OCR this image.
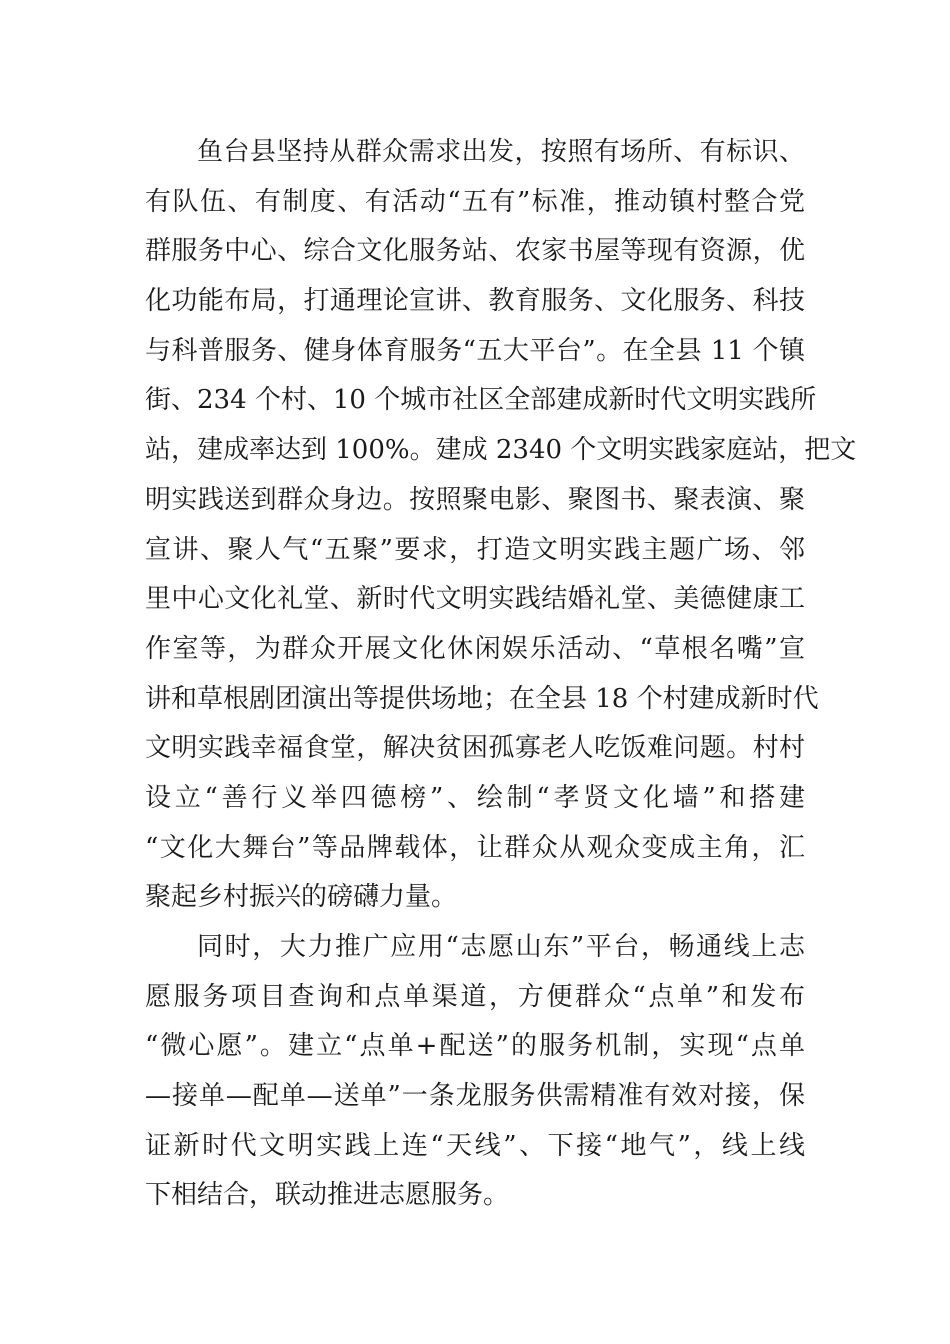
鱼台县坚持从群众需求出发，按照有场所、有标识、
有队伍、有制度、有活动“五有”标准，推动镇村整合党
群服务中心、综合文化服务站、农家书屋等现有资源，优
化功能布局，打通理论宣讲、教育服务、文化服务、科技
与科普服务、健身体育服务“五大平台”。在全县 11 个镇
街、234 个村、10 个城市社区全部建成新时代文明实践所
站，建成率达到 100%。建成 2340 个文明实践家庭站，把文
明实践送到群众身边。按照聚电影、聚图书、聚表演、聚
宣讲、聚人气“五聚”要求，打造文明实践主题广场、邻
里中心文化礼堂、新时代文明实践结婚礼堂、美德健康工
作室等，为群众开展文化休闲娱乐活动、“草根名嘴”宣
讲和草根剧团演出等提供场地；在全县 18 个村建成新时代
文明实践幸福食堂，解决贫困孤寡老人吃饭难问题。村村
设立“善行义举四德榜”、绘制“孝贤文化墙”和搭建
“文化大舞台”等品牌载体，让群众从观众变成主角，汇
聚起乡村振兴的磅礴力量。
同时，大力推广应用“志愿山东”平台，畅通线上志
愿服务项目查询和点单渠道，方便群众“点单”和发布
“微心愿”。建立“点单+配送”的服务机制，实现“点单
—接单—配单—送单”一条龙服务供需精准有效对接，保
证新时代文明实践上连“天线”、下接“地气”，线上线
下相结合，联动推进志愿服务。
